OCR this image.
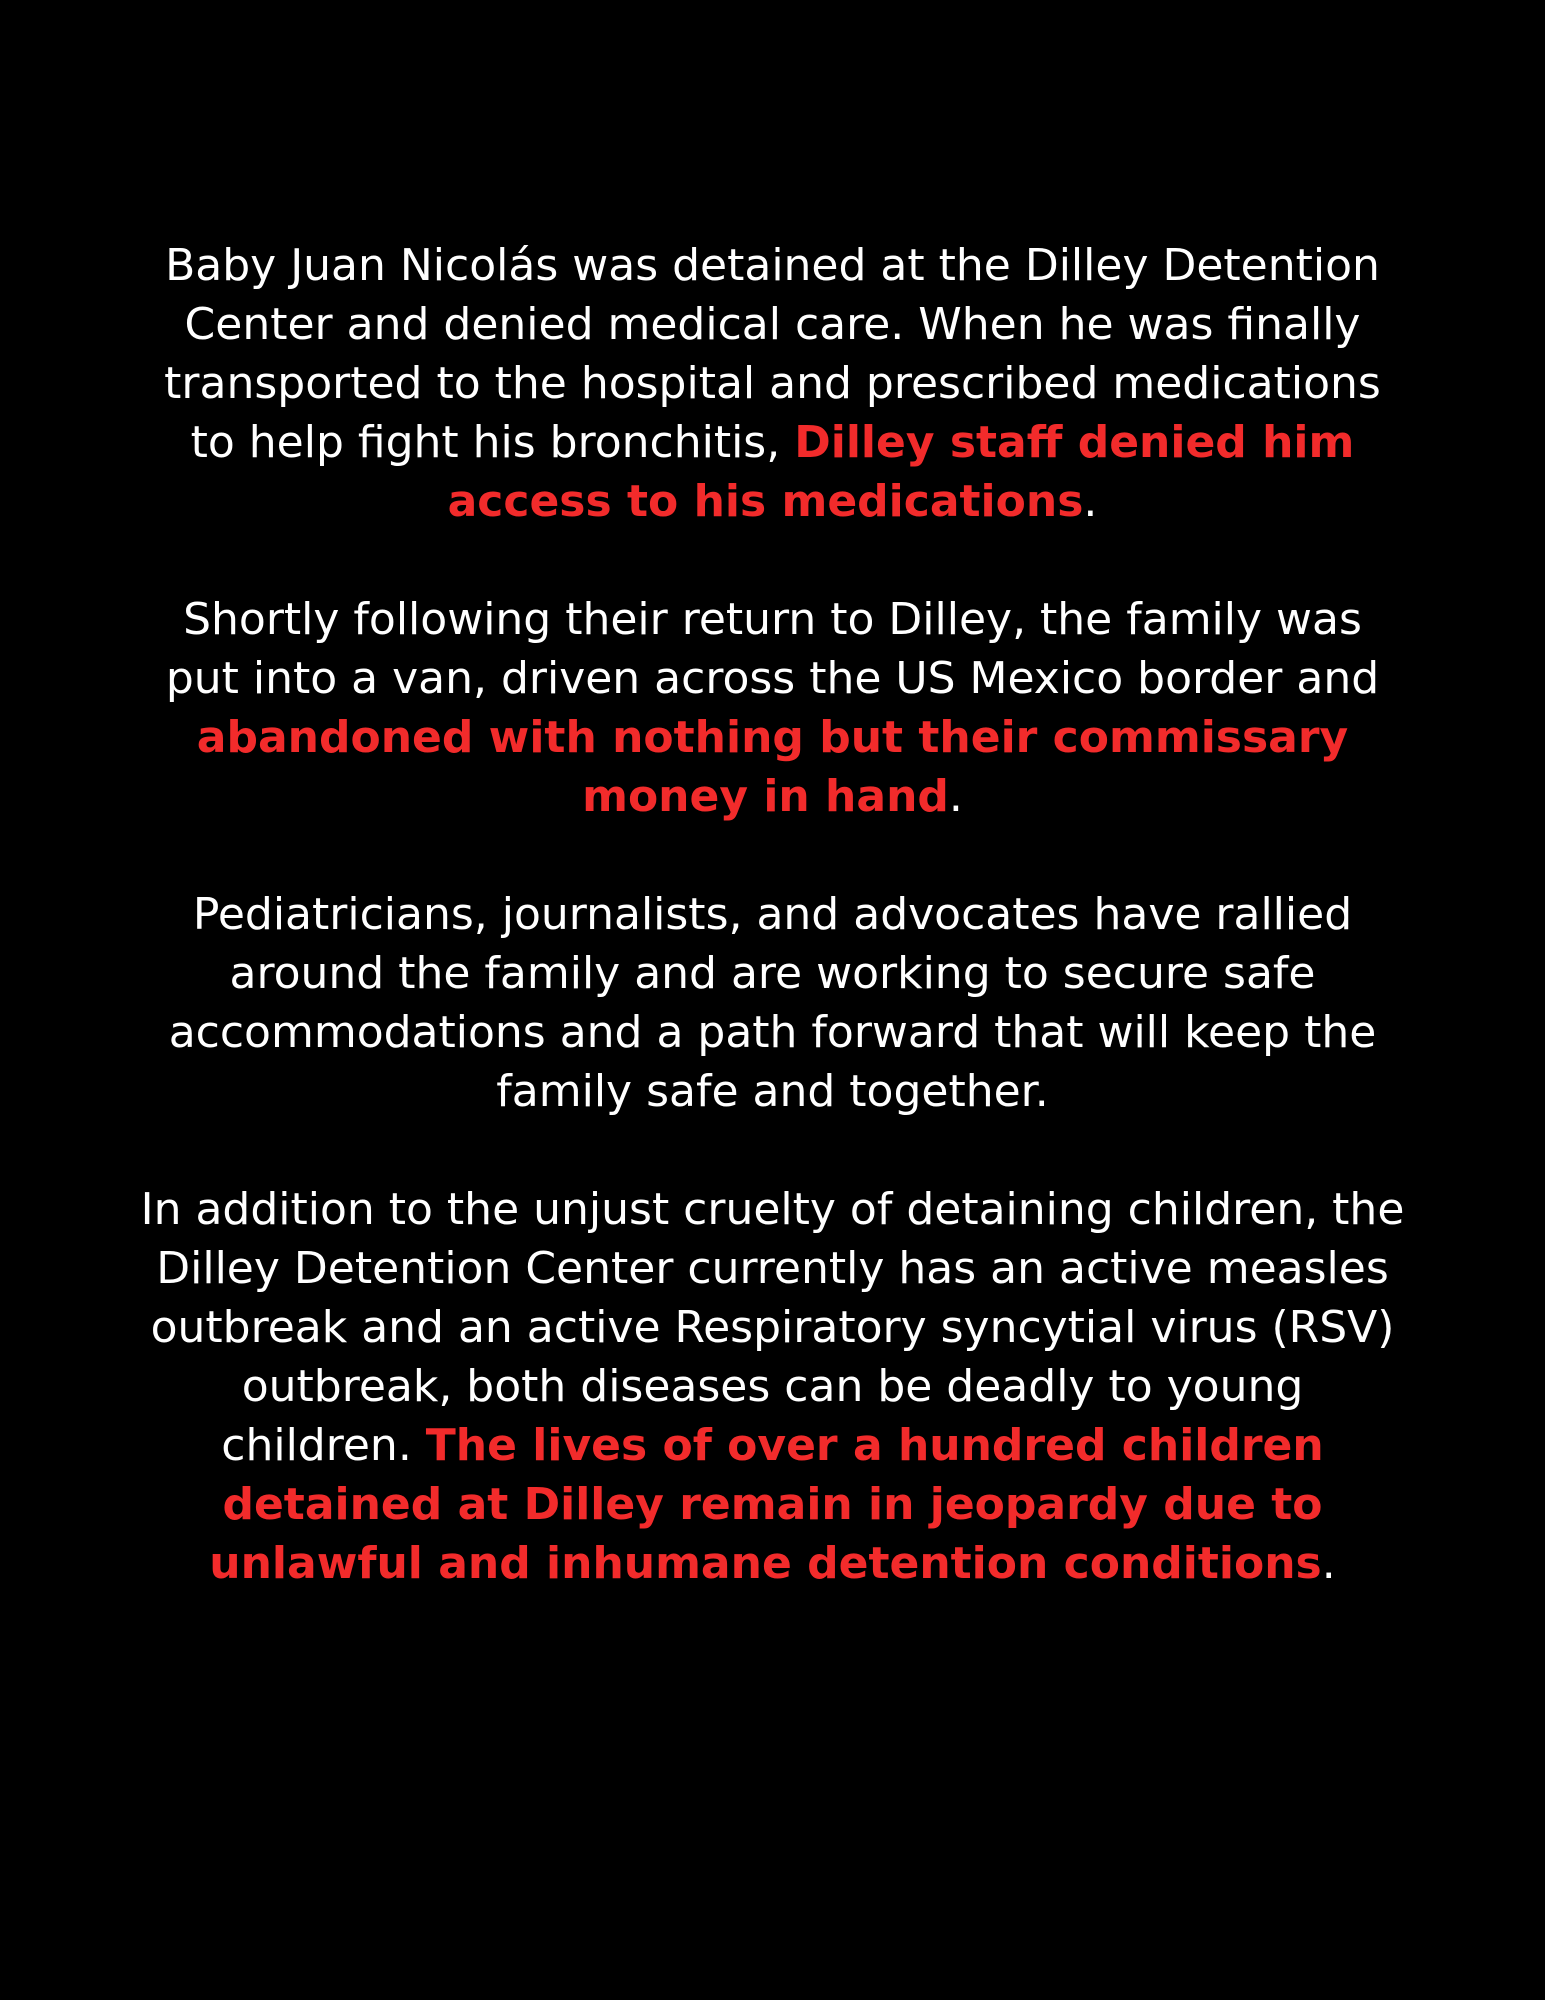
Baby Juan Nicolás was detained at the Dilley Detention Center and denied medical care. When he was finally transported to the hospital and prescribed medications to help fight his bronchitis, Dilley staff denied him access to his medications.

Shortly following their return to Dilley, the family was put into a van, driven across the US Mexico border and abandoned with nothing but their commissary money in hand.

Pediatricians, journalists, and advocates have rallied around the family and are working to secure safe accommodations and a path forward that will keep the family safe and together.

In addition to the unjust cruelty of detaining children, the Dilley Detention Center currently has an active measles outbreak and an active Respiratory syncytial virus (RSV) outbreak, both diseases can be deadly to young children. The lives of over a hundred children detained at Dilley remain in jeopardy due to unlawful and inhumane detention conditions.
